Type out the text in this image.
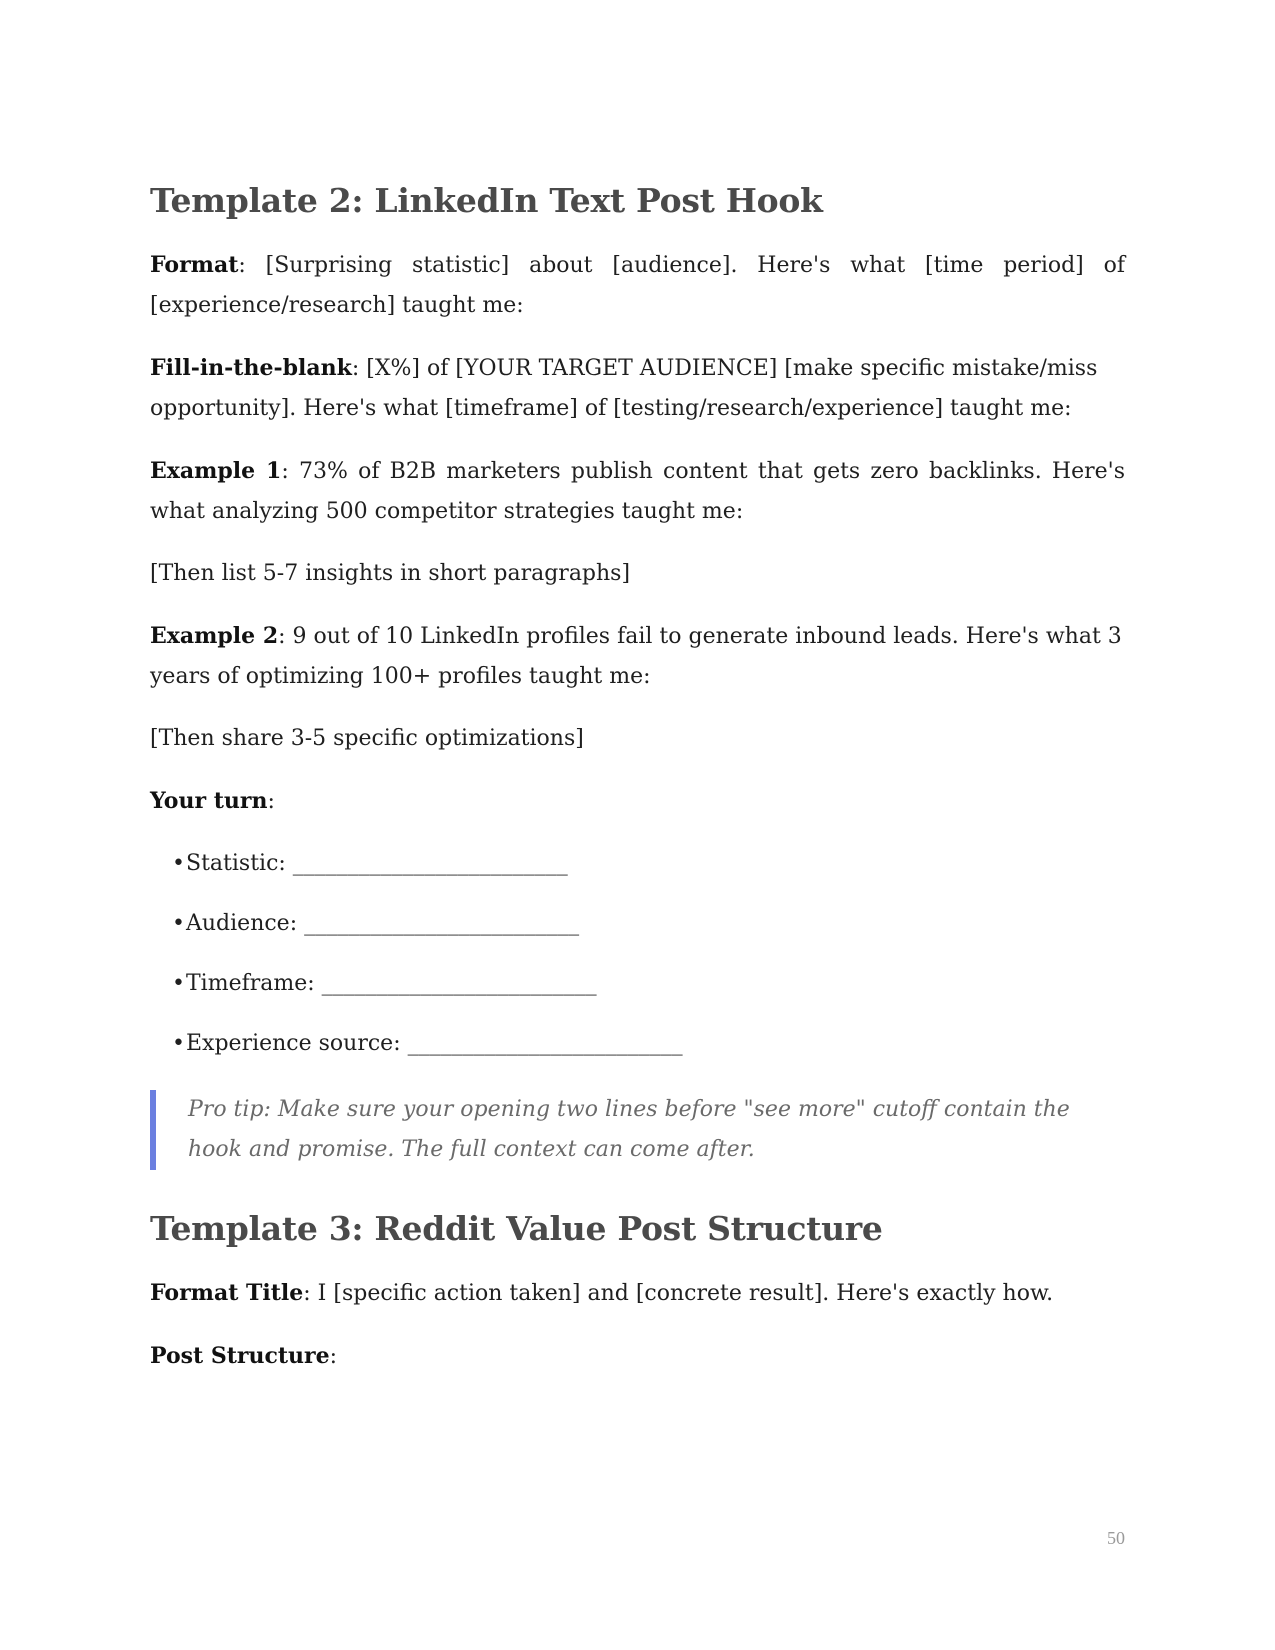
Template 2: LinkedIn Text Post Hook

Format: [Surprising statistic] about [audience]. Here's what [time period] of [experience/research] taught me:

Fill-in-the-blank: [X%] of [YOUR TARGET AUDIENCE] [make specific mistake/miss opportunity]. Here's what [timeframe] of [testing/research/experience] taught me:

Example 1: 73% of B2B marketers publish content that gets zero backlinks. Here's what analyzing 500 competitor strategies taught me:

[Then list 5-7 insights in short paragraphs]

Example 2: 9 out of 10 LinkedIn profiles fail to generate inbound leads. Here's what 3 years of optimizing 100+ profiles taught me:

[Then share 3-5 specific optimizations]

Your turn:

•Statistic: _________________________
•Audience: _________________________
•Timeframe: _________________________
•Experience source: _________________________

Pro tip: Make sure your opening two lines before "see more" cutoff contain the hook and promise. The full context can come after.

Template 3: Reddit Value Post Structure

Format Title: I [specific action taken] and [concrete result]. Here's exactly how.

Post Structure:

50
